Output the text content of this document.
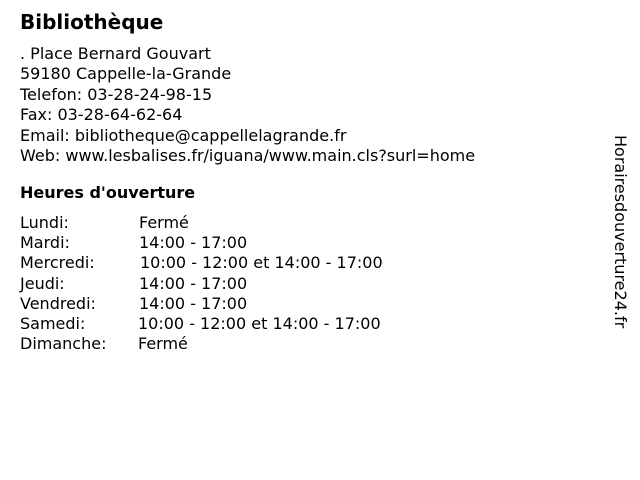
Bibliothèque
. Place Bernard Gouvart
59180 Cappelle-la-Grande
Telefon: 03-28-24-98-15
Fax: 03-28-64-62-64
Email: bibliotheque@cappellelagrande.fr
Web: www.lesbalises.fr/iguana/www.main.cls?surl=home
Heures d'ouverture
Lundi:	Fermé
Mardi:	14:00 - 17:00
Mercredi:	10:00 - 12:00 et 14:00 - 17:00
Jeudi:	14:00 - 17:00
Vendredi:	14:00 - 17:00
Samedi:	10:00 - 12:00 et 14:00 - 17:00
Dimanche: Fermé
Horairesdouverture24.fr
